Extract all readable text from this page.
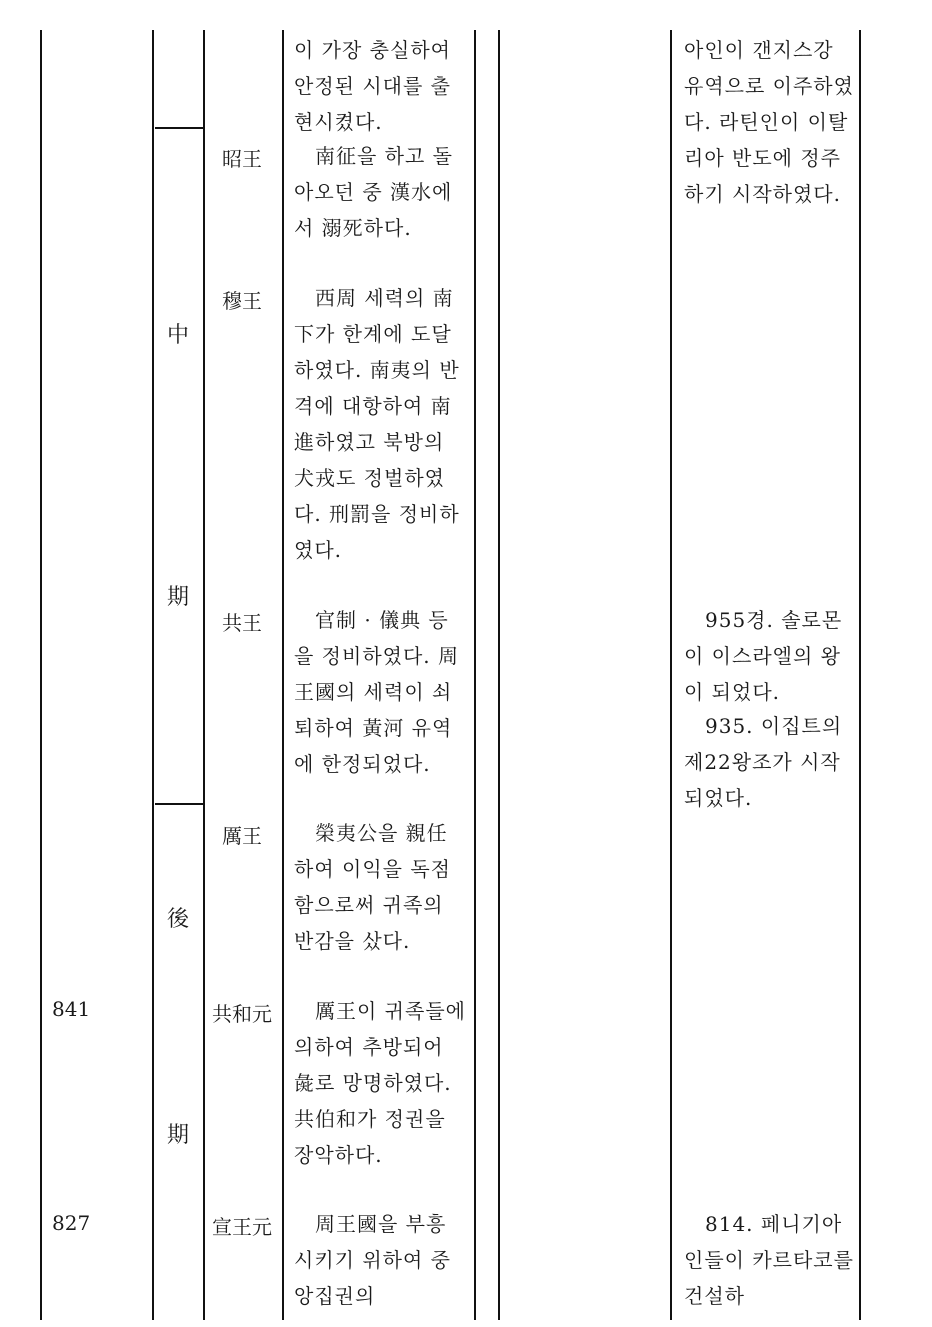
841
827
中
期
後
期
昭王
穆王
共王
厲王
共和元
宣王元
이 가장 충실하여 안정된 시대를 출현시켰다.
　南征을 하고 돌아오던 중 漢水에서 溺死하다.
　西周 세력의 南下가 한계에 도달하였다. 南夷의 반격에 대항하여 南進하였고 북방의 犬戎도 정벌하였다. 刑罰을 정비하였다.
　官制 · 儀典 등을 정비하였다. 周王國의 세력이 쇠퇴하여 黃河 유역에 한정되었다.
　榮夷公을 親任하여 이익을 독점함으로써 귀족의 반감을 샀다.
　厲王이 귀족들에 의하여 추방되어 彘로 망명하였다. 共伯和가 정권을 장악하다.
　周王國을 부흥시키기 위하여 중앙집권의
아인이 갠지스강 유역으로 이주하였다. 라틴인이 이탈리아 반도에 정주하기 시작하였다.
　955경. 솔로몬이 이스라엘의 왕이 되었다.
　935. 이집트의 제22왕조가 시작되었다.
　814. 페니기아인들이 카르타코를 건설하
